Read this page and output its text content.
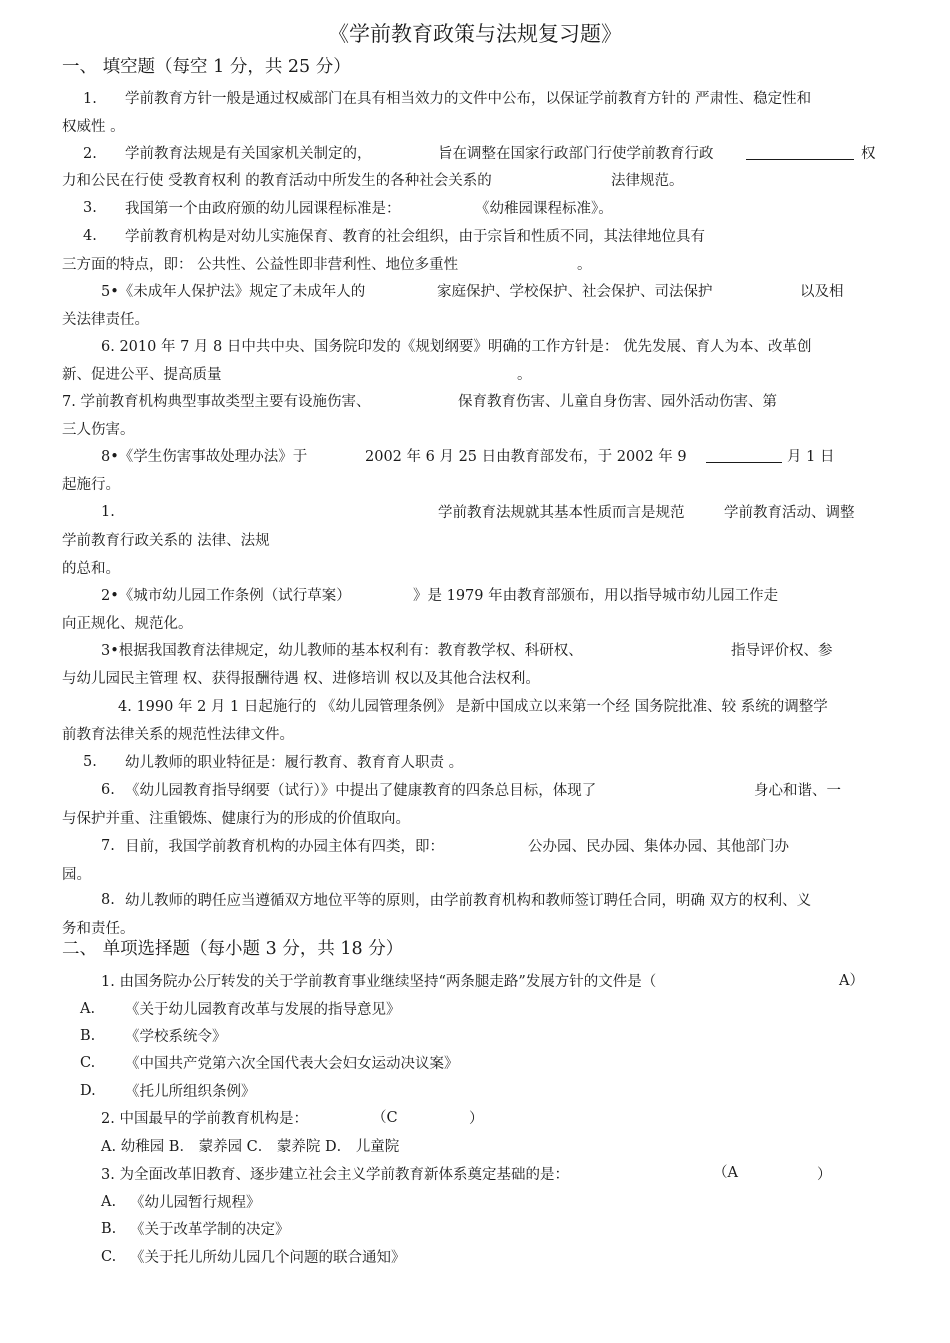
《学前教育政策与法规复习题》
一、 填空题（每空 1 分，共 25 分）
1. 学前教育方针一般是通过权威部门在具有相当效力的文件中公布，以保证学前教育方针的 严肃性、稳定性和
权威性 。
2. 学前教育法规是有关国家机关制定的，	旨在调整在国家行政部门行使学前教育行政	权
力和公民在行使 受教育权利 的教育活动中所发生的各种社会关系的	法律规范。
3. 我国第一个由政府颁的幼儿园课程标准是：	《幼稚园课程标准》。
4. 学前教育机构是对幼儿实施保育、教育的社会组织，由于宗旨和性质不同，其法律地位具有
三方面的特点，即： 公共性、公益性即非营利性、地位多重性	。
5•《未成年人保护法》规定了未成年人的	家庭保护、学校保护、社会保护、司法保护	以及相
关法律责任。
6. 2010 年 7 月 8 日中共中央、国务院印发的《规划纲要》明确的工作方针是： 优先发展、育人为本、改革创
新、促进公平、提高质量	。
7. 学前教育机构典型事故类型主要有设施伤害、	保育教育伤害、儿童自身伤害、园外活动伤害、第
三人伤害。
8•《学生伤害事故处理办法》于	2002 年 6 月 25 日由教育部发布，于 2002 年 9	月 1 日
起施行。
1.	学前教育法规就其基本性质而言是规范	学前教育活动、调整
学前教育行政关系的 法律、法规
的总和。
2•《城市幼儿园工作条例（试行草案）	》是 1979 年由教育部颁布，用以指导城市幼儿园工作走
向正规化、规范化。
3•根据我国教育法律规定，幼儿教师的基本权利有：教育教学权、科研权、	指导评价权、参
与幼儿园民主管理 权、获得报酬待遇 权、进修培训 权以及其他合法权利。
4. 1990 年 2 月 1 日起施行的 《幼儿园管理条例》 是新中国成立以来第一个经 国务院批准、较 系统的调整学
前教育法律关系的规范性法律文件。
5. 幼儿教师的职业特征是：履行教育、教育育人职责 。
6. 《幼儿园教育指导纲要（试行）》中提出了健康教育的四条总目标，体现了	身心和谐、一
与保护并重、注重锻炼、健康行为的形成的价值取向。
7. 目前，我国学前教育机构的办园主体有四类，即：	公办园、民办园、集体办园、其他部门办
园。
8. 幼儿教师的聘任应当遵循双方地位平等的原则，由学前教育机构和教师签订聘任合同，明确 双方的权利、义
务和责任。
二、 单项选择题（每小题 3 分，共 18 分）
1. 由国务院办公厅转发的关于学前教育事业继续坚持“两条腿走路”发展方针的文件是（	A）
A. 《关于幼儿园教育改革与发展的指导意见》
B. 《学校系统令》
C. 《中国共产党第六次全国代表大会妇女运动决议案》
D. 《托儿所组织条例》
2. 中国最早的学前教育机构是：	（C	）
A. 幼稚园 B． 蒙养园 C． 蒙养院 D． 儿童院
3. 为全面改革旧教育、逐步建立社会主义学前教育新体系奠定基础的是：	（A	）
A. 《幼儿园暂行规程》
B. 《关于改革学制的决定》
C. 《关于托儿所幼儿园几个问题的联合通知》
